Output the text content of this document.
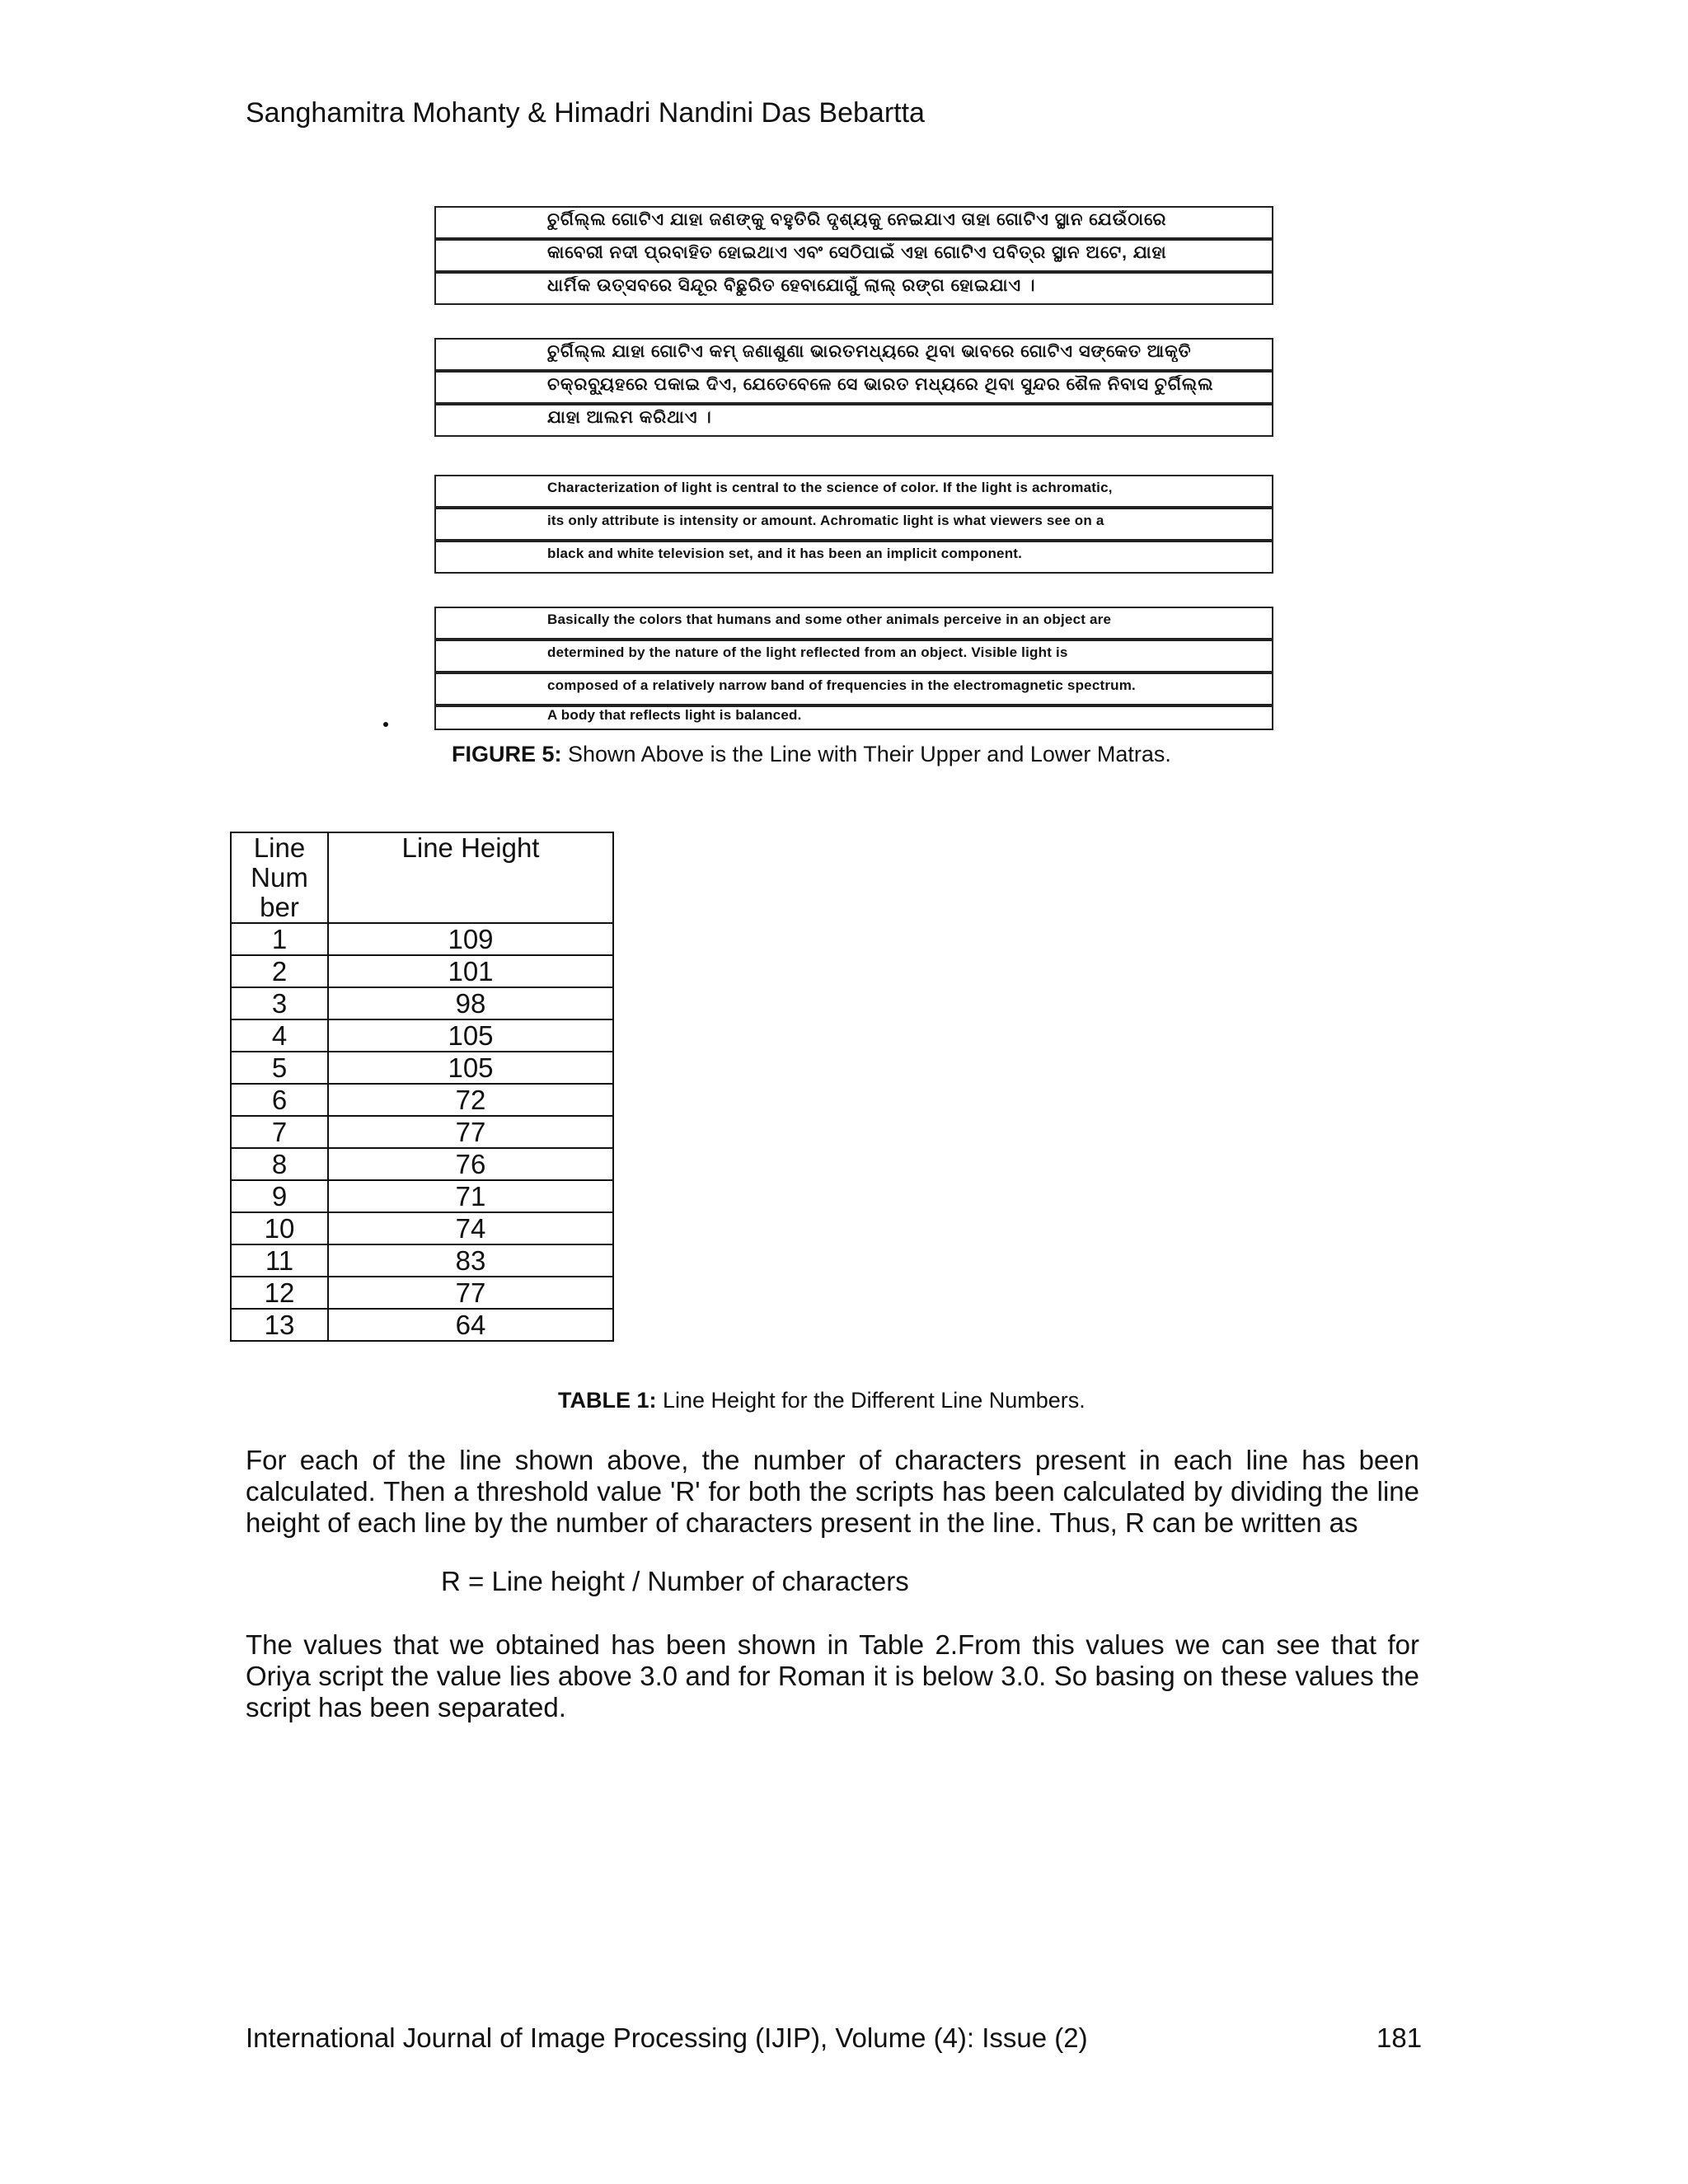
Sanghamitra Mohanty & Himadri Nandini Das Bebartta
ଚୁର୍ଗିଲ୍ଲ ଗୋଟିଏ ଯାହା ଜଣଙ୍କୁ ବହୁତିରି ଦୃଶ୍ୟକୁ ନେଇଯାଏ ତାହା ଗୋଟିଏ ସ୍ଥାନ ଯେଉଁଠାରେ
କାବେରୀ ନଦୀ ପ୍ରବାହିତ ହୋଇଥାଏ ଏବଂ ସେଠିପାଇଁ ଏହା ଗୋଟିଏ ପବିତ୍ର ସ୍ଥାନ ଅଟେ, ଯାହା
ଧାର୍ମିକ ଉତ୍ସବରେ ସିନ୍ଦୂର ବିଛୁରିତ ହେବାଯୋଗୁଁ ଲାଲ୍ ରଙ୍ଗ ହୋଇଯାଏ ।
ଚୁର୍ଗିଲ୍ଲ ଯାହା ଗୋଟିଏ କମ୍ ଜଣାଶୁଣା ଭାରତମଧ୍ୟରେ ଥିବା ଭାବରେ ଗୋଟିଏ ସଙ୍କେତ ଆକୃତି
ଚକ୍ରବ୍ୟୁହରେ ପକାଇ ଦିଏ, ଯେତେବେଳେ ସେ ଭାରତ ମଧ୍ୟରେ ଥିବା ସୁନ୍ଦର ଶୈଳ ନିବାସ ଚୁର୍ଗିଲ୍ଲ
ଯାହା ଆଲମ କରିଥାଏ ।
Characterization of light is central to the science of color. If the light is achromatic,
its only attribute is intensity or amount. Achromatic light is what viewers see on a
black and white television set, and it has been an implicit component.
Basically the colors that humans and some other animals perceive in an object are
determined by the nature of the light reflected from an object. Visible light is
composed of a relatively narrow band of frequencies in the electromagnetic spectrum.
A body that reflects light is balanced.
FIGURE 5: Shown Above is the Line with Their Upper and Lower Matras.
Line
Num
ber	Line Height
1	109
2	101
3	98
4	105
5	105
6	72
7	77
8	76
9	71
10	74
11	83
12	77
13	64
TABLE 1: Line Height for the Different Line Numbers.
For each of the line shown above, the number of characters present in each line has been calculated. Then a threshold value 'R' for both the scripts has been calculated by dividing the line height of each line by the number of characters present in the line. Thus, R can be written as
R = Line height / Number of characters
The values that we obtained has been shown in Table 2.From this values we can see that for Oriya script the value lies above 3.0 and for Roman it is below 3.0. So basing on these values the script has been separated.
International Journal of Image Processing (IJIP), Volume (4): Issue (2)	181
